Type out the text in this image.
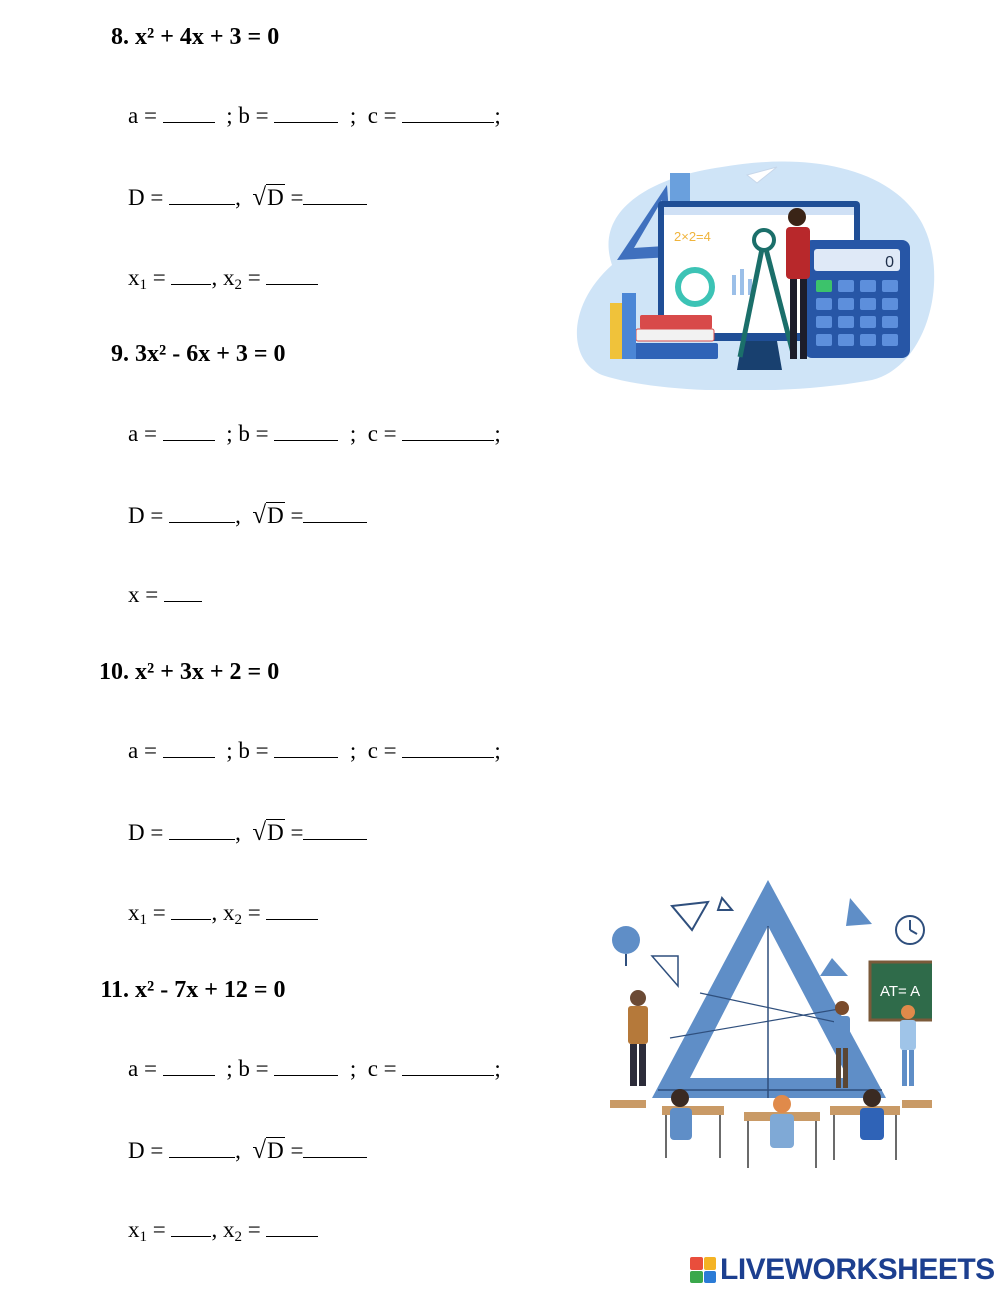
8. x² + 4x + 3 = 0
a =	; b =	;  c =	;
D =	,  √D =
x1 = , x2 =
9. 3x² - 6x + 3 = 0
a =	; b =	;  c =	;
D =	,  √D =
x =
10. x² + 3x + 2 = 0
a =	; b =	;  c =	;
D =	,  √D =
x1 = , x2 =
11. x² - 7x + 12 = 0
a =	; b =	;  c =	;
D =	,  √D =
x1 = , x2 =
2×2=4
0
AT= A
LIVEWORKSHEETS
